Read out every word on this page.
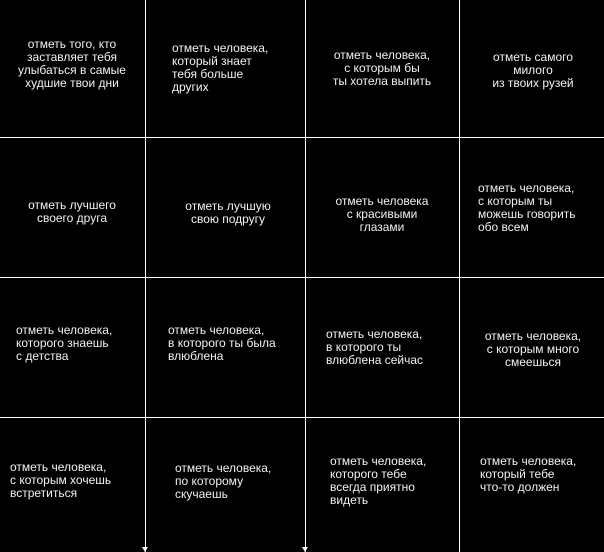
отметь того, кто
заставляет тебя
улыбаться в самые
худшие твои дни
отметь человека,
который знает
тебя больше
других
отметь человека,
с которым бы
ты хотела выпить
отметь самого
милого
из твоих рузей
отметь лучшего
своего друга
отметь лучшую
свою подругу
отметь человека
с красивыми
глазами
отметь человека,
с которым ты
можешь говорить
обо всем
отметь человека,
которого знаешь
с детства
отметь человека,
в которого ты была
влюблена
отметь человека,
в которого ты
влюблена сейчас
отметь человека,
с которым много
смеешься
отметь человека,
с которым хочешь
встретиться
отметь человека,
по которому
скучаешь
отметь человека,
которого тебе
всегда приятно
видеть
отметь человека,
который тебе
что-то должен
